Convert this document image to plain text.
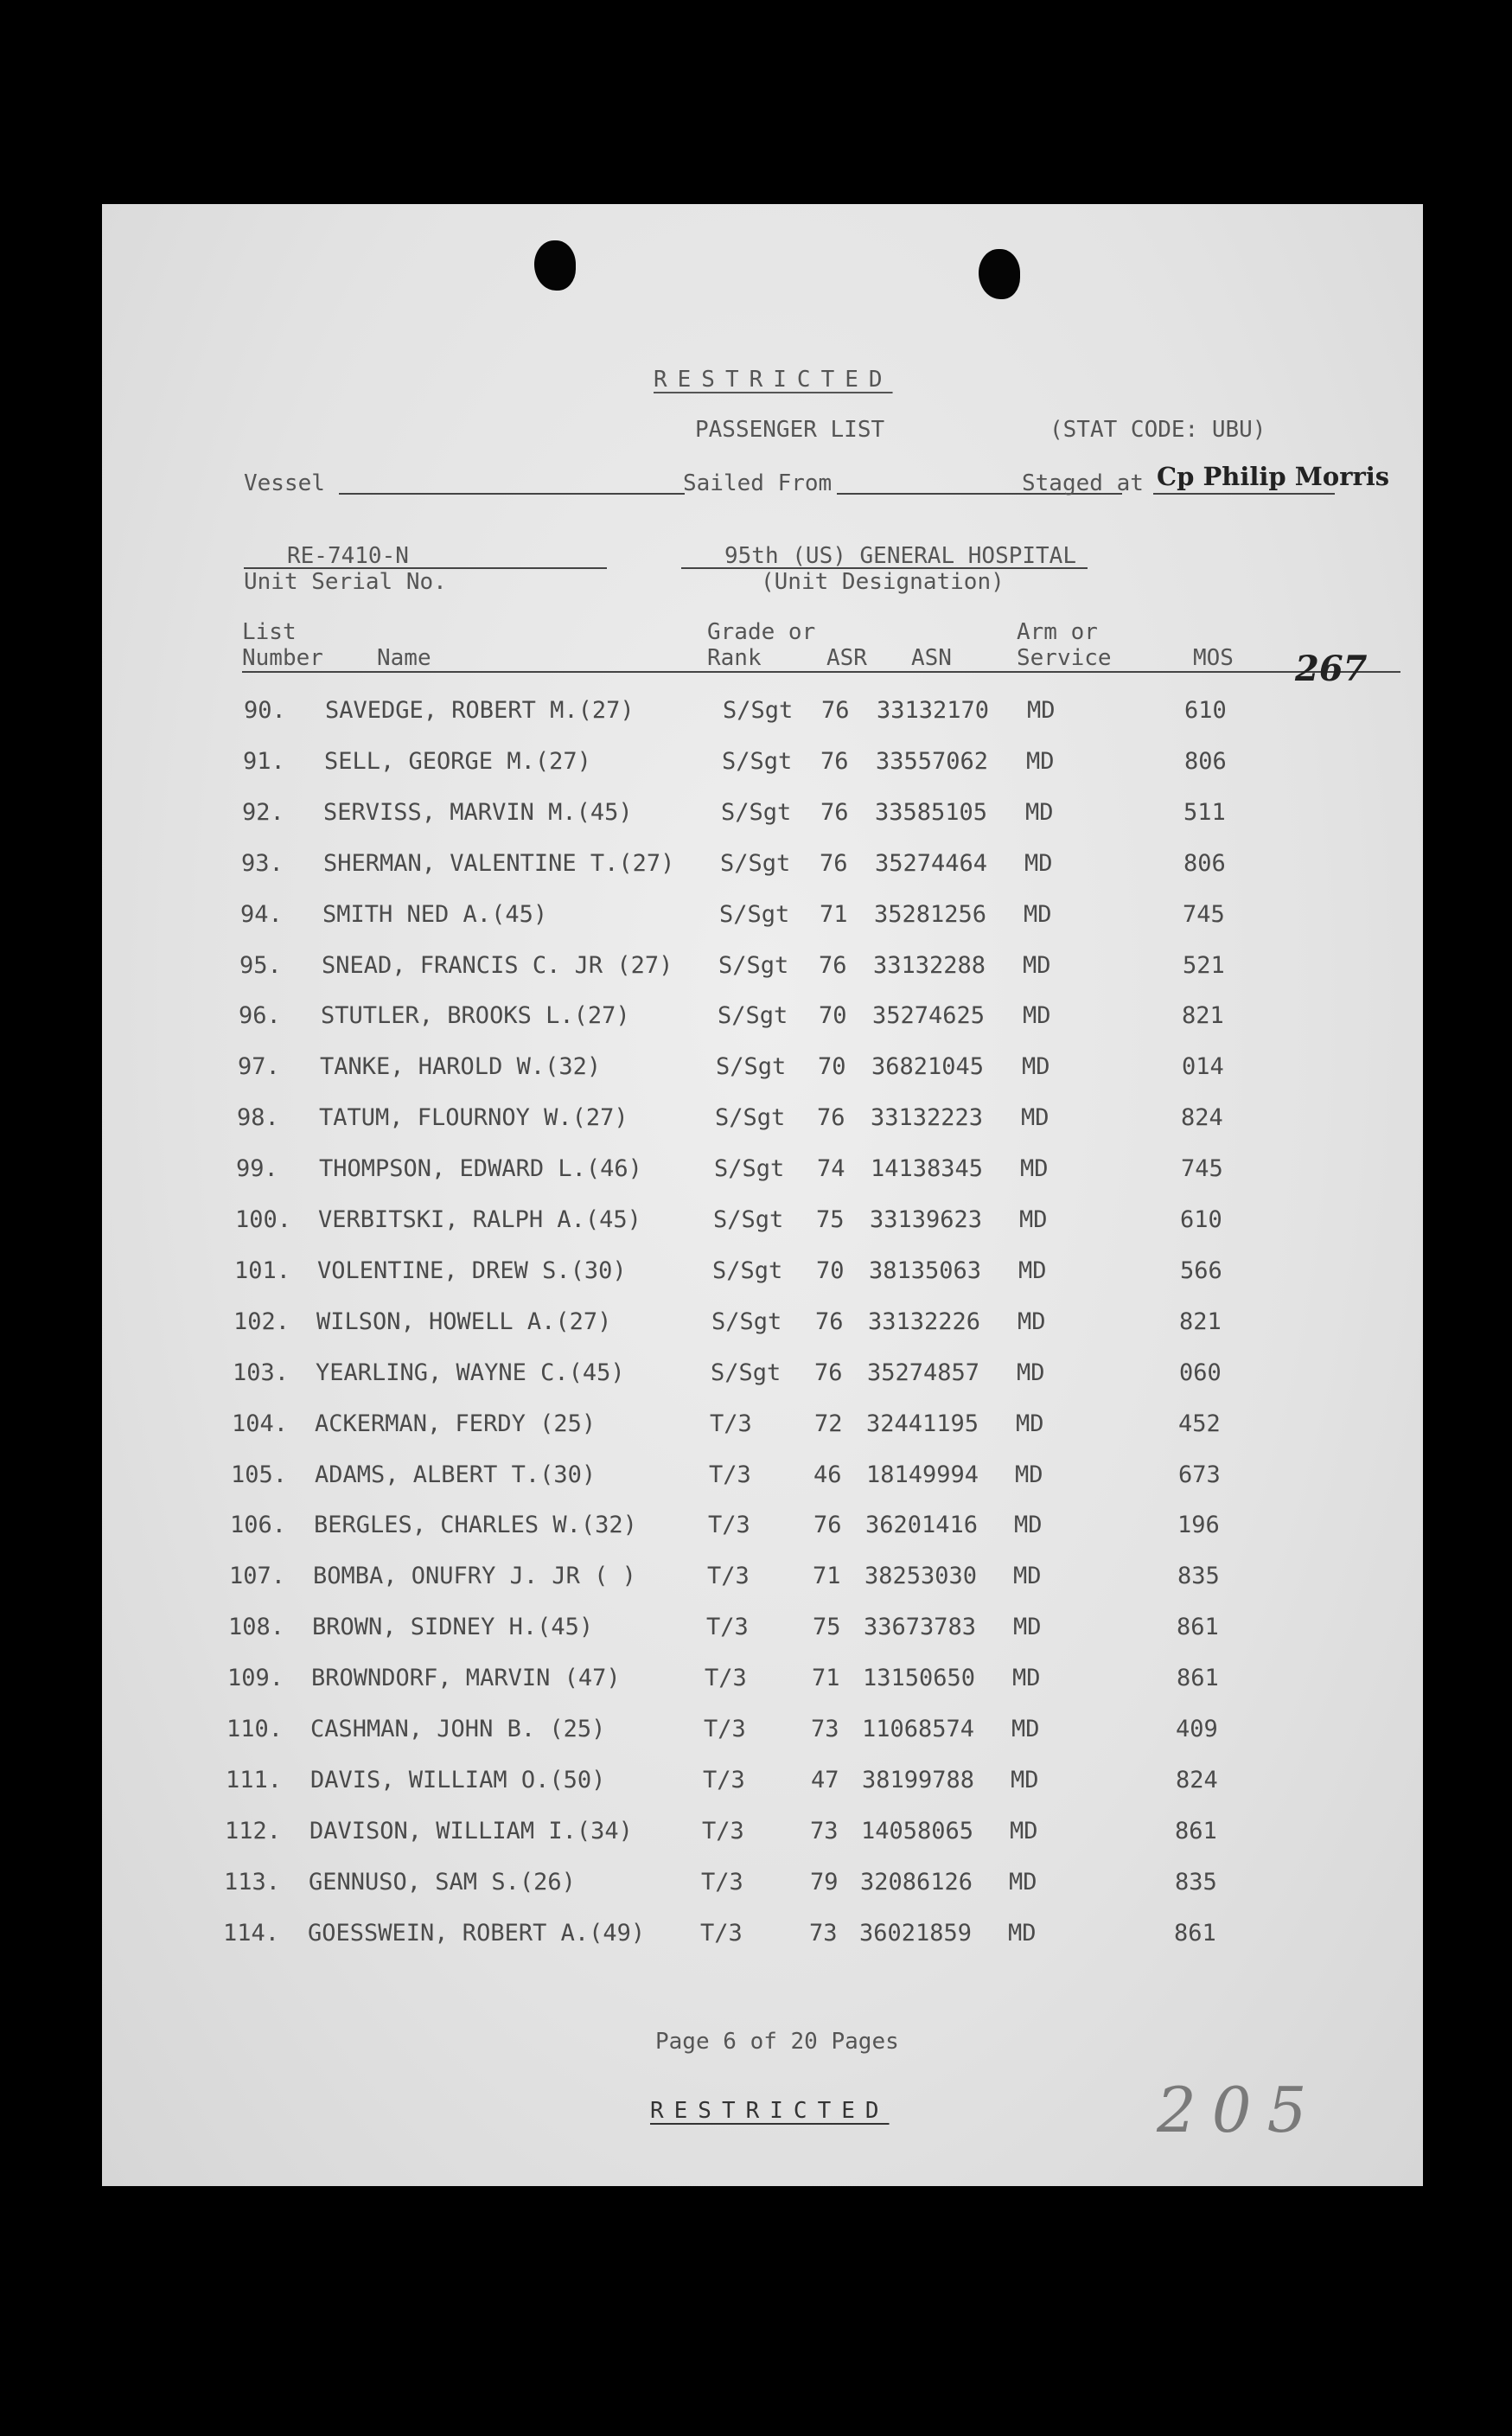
RESTRICTED
PASSENGER LIST	(STAT CODE: UBU)
Vessel	Sailed From	Staged at Cp Philip Morris
RE-7410-N
Unit Serial No.
95th (US) GENERAL HOSPITAL
(Unit Designation)
List
Number Name
Grade or
Rank	ASR ASN
Arm or
Service	MOS 267
90. SAVEDGE, ROBERT M.(27)	S/Sgt 76 33132170 MD	610
91. SELL, GEORGE M.(27)	S/Sgt 76 33557062 MD	806
92. SERVISS, MARVIN M.(45)	S/Sgt 76 33585105 MD	511
93. SHERMAN, VALENTINE T.(27) S/Sgt 76 35274464 MD	806
94. SMITH NED A.(45)	S/Sgt 71 35281256 MD	745
95. SNEAD, FRANCIS C. JR (27) S/Sgt 76 33132288 MD	521
96. STUTLER, BROOKS L.(27)	S/Sgt 70 35274625 MD	821
97. TANKE, HAROLD W.(32)	S/Sgt 70 36821045 MD	014
98. TATUM, FLOURNOY W.(27)	S/Sgt 76 33132223 MD	824
99. THOMPSON, EDWARD L.(46)	S/Sgt 74 14138345 MD	745
100. VERBITSKI, RALPH A.(45)	S/Sgt 75 33139623 MD	610
101. VOLENTINE, DREW S.(30)	S/Sgt 70 38135063 MD	566
102. WILSON, HOWELL A.(27)	S/Sgt 76 33132226 MD	821
103. YEARLING, WAYNE C.(45)	S/Sgt 76 35274857 MD	060
104. ACKERMAN, FERDY (25)	T/3	72 32441195 MD	452
105. ADAMS, ALBERT T.(30)	T/3	46 18149994 MD	673
106. BERGLES, CHARLES W.(32)	T/3	76 36201416 MD	196
107. BOMBA, ONUFRY J. JR ( )	T/3	71 38253030 MD	835
108. BROWN, SIDNEY H.(45)	T/3	75 33673783 MD	861
109. BROWNDORF, MARVIN (47)	T/3	71 13150650 MD	861
110. CASHMAN, JOHN B. (25)	T/3	73 11068574 MD	409
111. DAVIS, WILLIAM O.(50)	T/3	47 38199788 MD	824
112. DAVISON, WILLIAM I.(34)	T/3	73 14058065 MD	861
113. GENNUSO, SAM S.(26)	T/3	79 32086126 MD	835
114. GOESSWEIN, ROBERT A.(49) T/3	73 36021859 MD	861
Page 6 of 20 Pages
RESTRICTED	205
